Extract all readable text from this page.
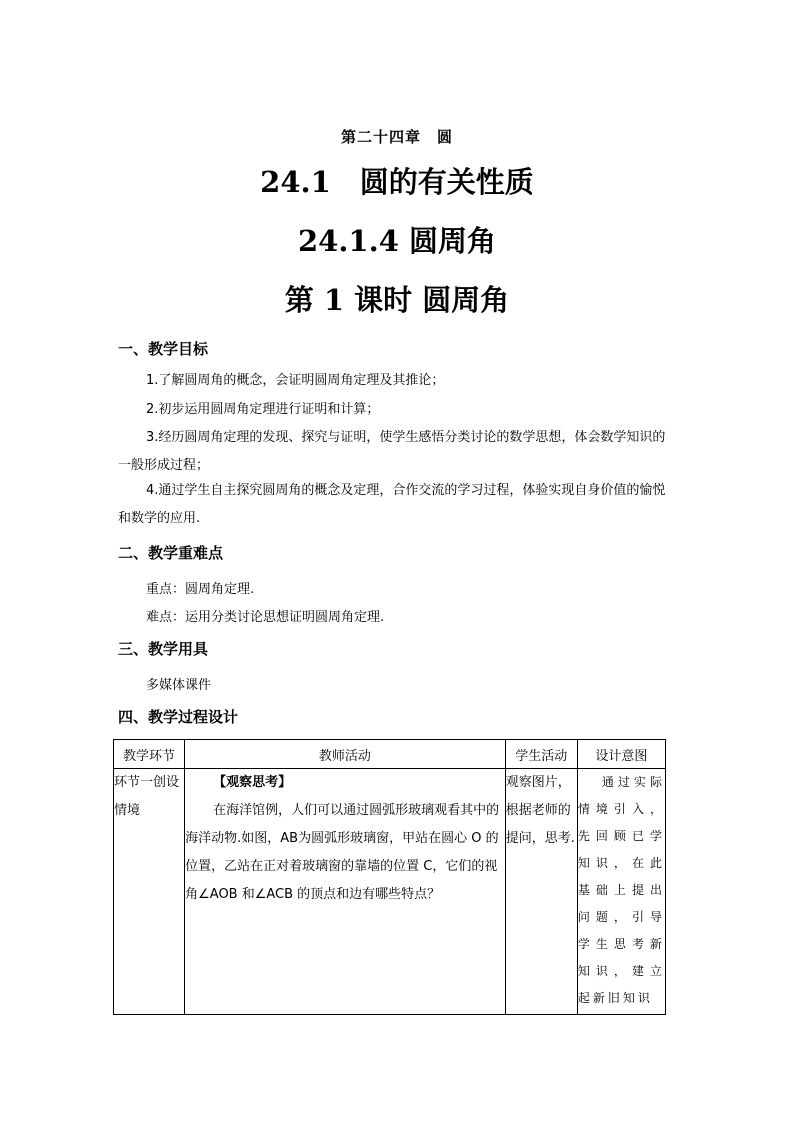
第二十四章　圆
24.1　圆的有关性质
24.1.4 圆周角
第 1 课时 圆周角
一、教学目标

1.了解圆周角的概念，会证明圆周角定理及其推论；

2.初步运用圆周角定理进行证明和计算；

3.经历圆周角定理的发现、探究与证明，使学生感悟分类讨论的数学思想，体会数学知识的一般形成过程；

4.通过学生自主探究圆周角的概念及定理，合作交流的学习过程，体验实现自身价值的愉悦和数学的应用.

二、教学重难点

重点：圆周角定理.

难点：运用分类讨论思想证明圆周角定理.

三、教学用具

多媒体课件

四、教学过程设计
教学环节	教师活动	学生活动	设计意图
环节一创设情境	【观察思考】

在海洋馆例，人们可以通过圆弧形玻璃观看其中的海洋动物.如图，AB为圆弧形玻璃窗，甲站在圆心 O 的位置，乙站在正对着玻璃窗的靠墙的位置 C，它们的视角∠AOB 和∠ACB 的顶点和边有哪些特点？	观察图片，根据老师的提问，思考.	通过实际情境引入，先回顾已学知识，在此基础上提出问题，引导学生思考新知识，建立起新旧知识
